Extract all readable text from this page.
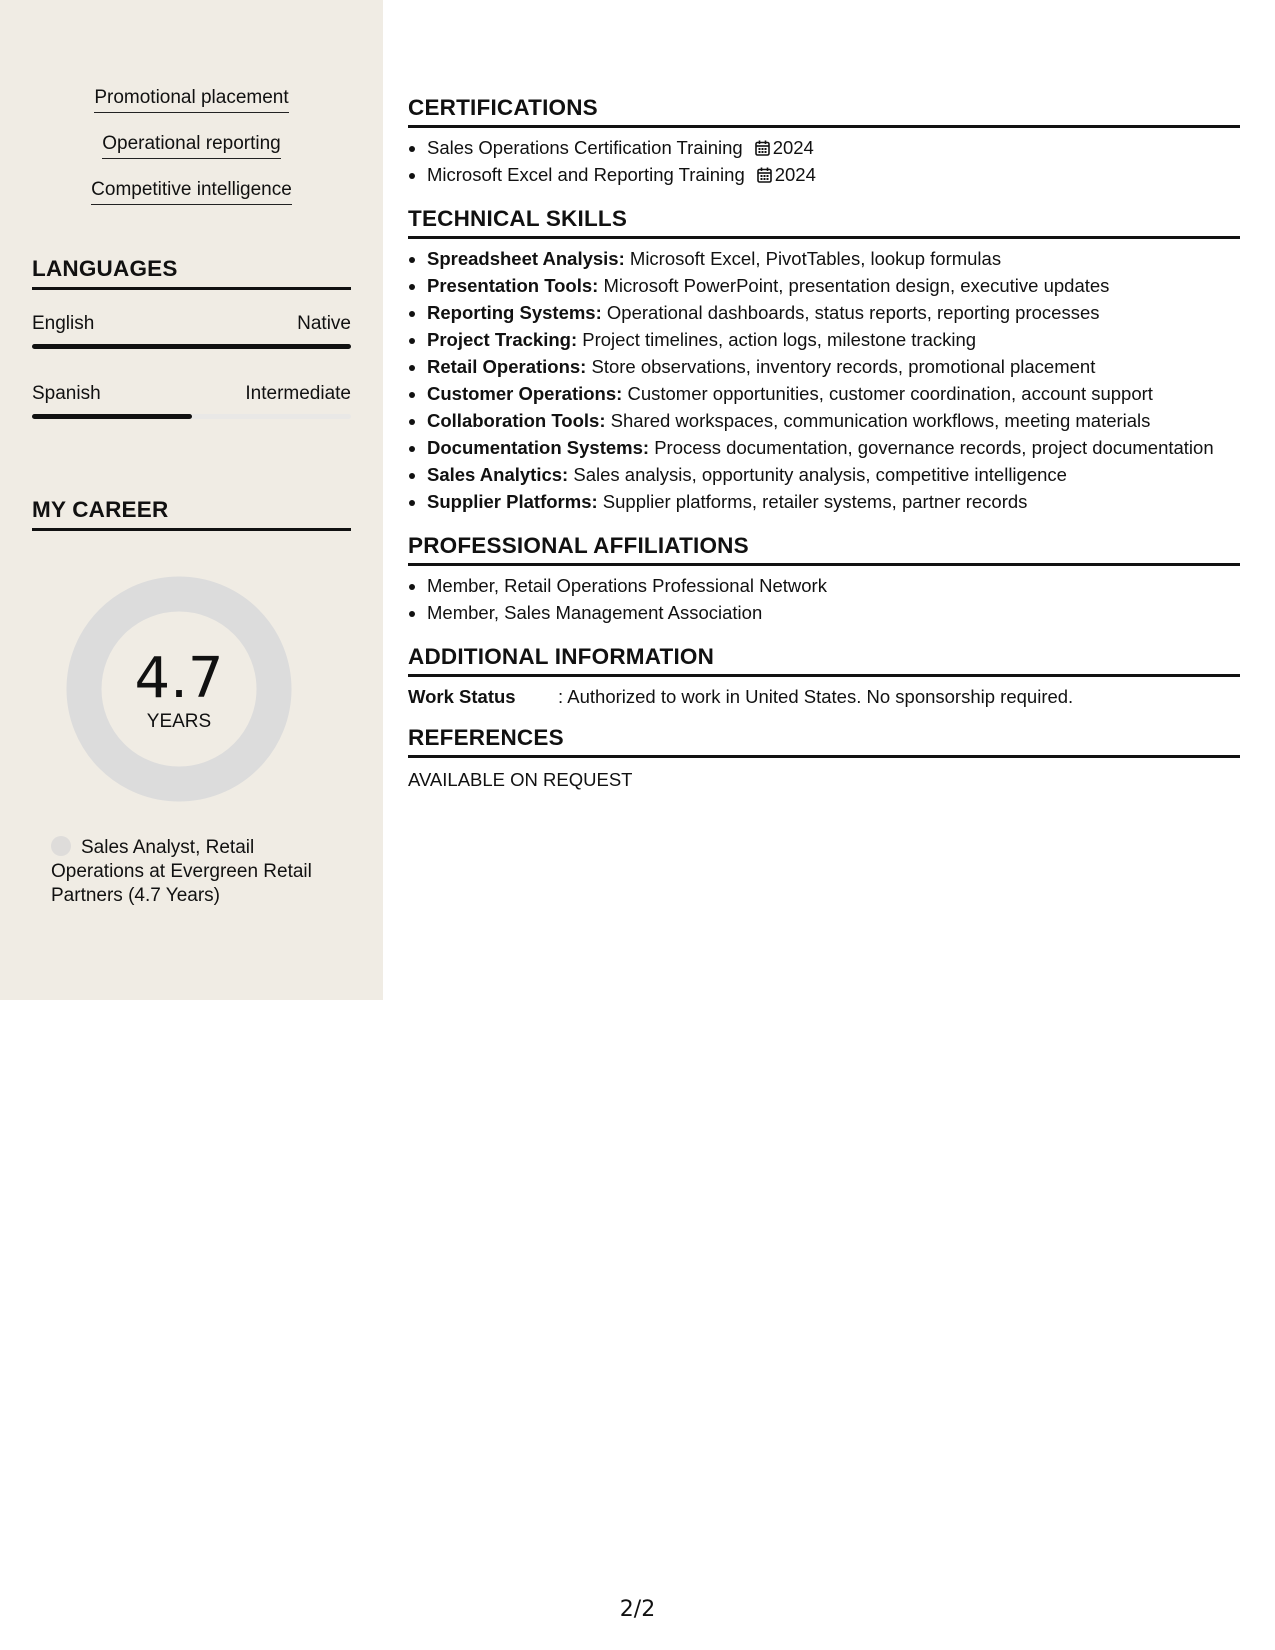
Promotional placement
Operational reporting
Competitive intelligence
LANGUAGES
English	Native
Spanish	Intermediate
MY CAREER
4.7
YEARS
Sales Analyst, Retail Operations at Evergreen Retail Partners (4.7 Years)
CERTIFICATIONS
• Sales Operations Certification Training 2024
• Microsoft Excel and Reporting Training 2024
TECHNICAL SKILLS
• Spreadsheet Analysis: Microsoft Excel, PivotTables, lookup formulas
• Presentation Tools: Microsoft PowerPoint, presentation design, executive updates
• Reporting Systems: Operational dashboards, status reports, reporting processes
• Project Tracking: Project timelines, action logs, milestone tracking
• Retail Operations: Store observations, inventory records, promotional placement
• Customer Operations: Customer opportunities, customer coordination, account support
• Collaboration Tools: Shared workspaces, communication workflows, meeting materials
• Documentation Systems: Process documentation, governance records, project documentation
• Sales Analytics: Sales analysis, opportunity analysis, competitive intelligence
• Supplier Platforms: Supplier platforms, retailer systems, partner records
PROFESSIONAL AFFILIATIONS
• Member, Retail Operations Professional Network
• Member, Sales Management Association
ADDITIONAL INFORMATION
Work Status	: Authorized to work in United States. No sponsorship required.
REFERENCES
AVAILABLE ON REQUEST
2/2
